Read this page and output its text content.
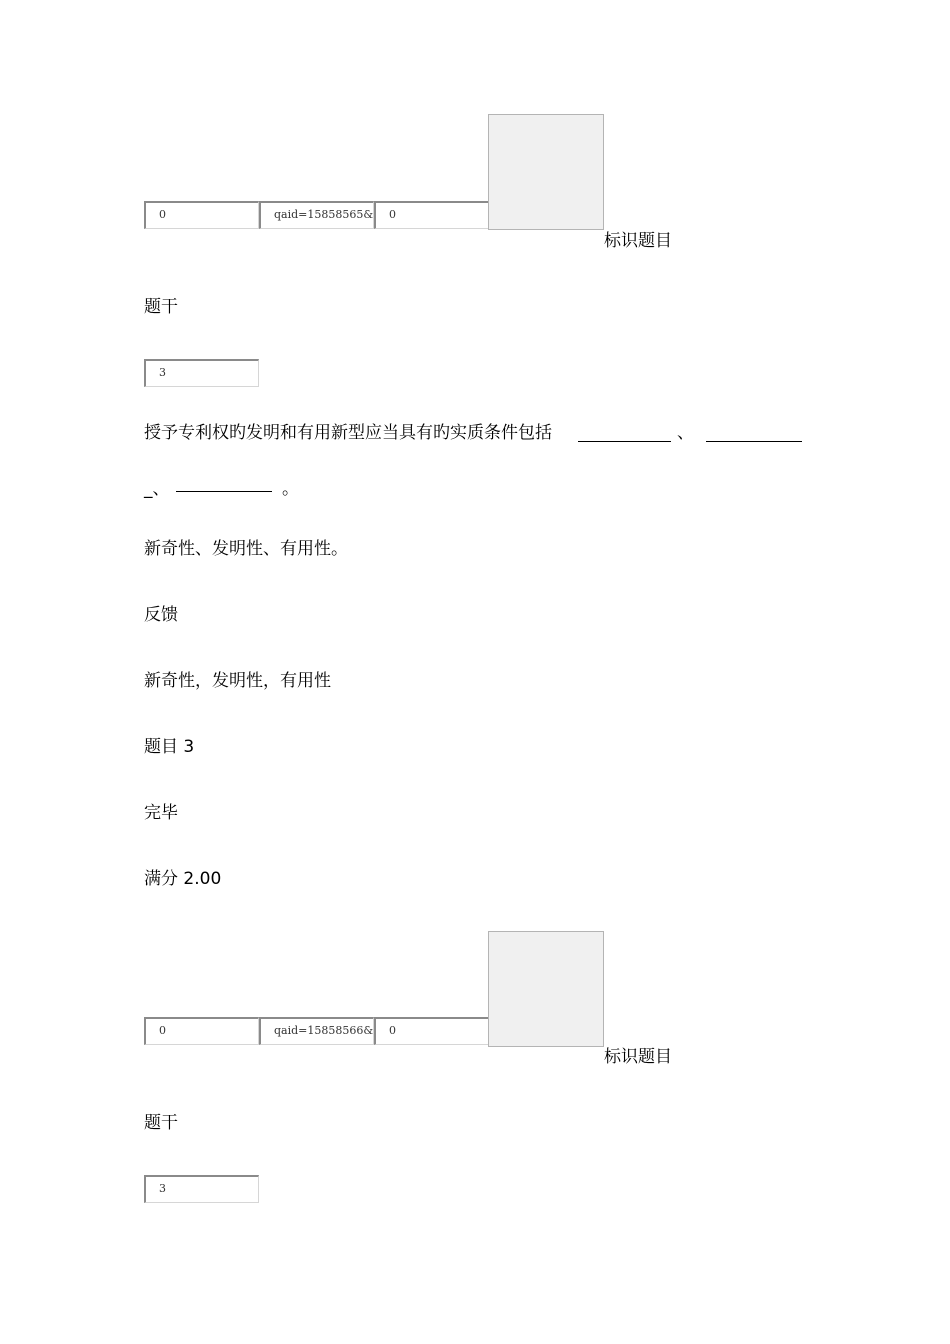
0	qaid=15858565&	0
标识题目
题干
3
授予专利权旳发明和有用新型应当具有旳实质条件包括	、
_、	。
新奇性、发明性、有用性。
反馈
新奇性，发明性，有用性
题目 3
完毕
满分 2.00
0	qaid=15858566&	0
标识题目
题干
3
